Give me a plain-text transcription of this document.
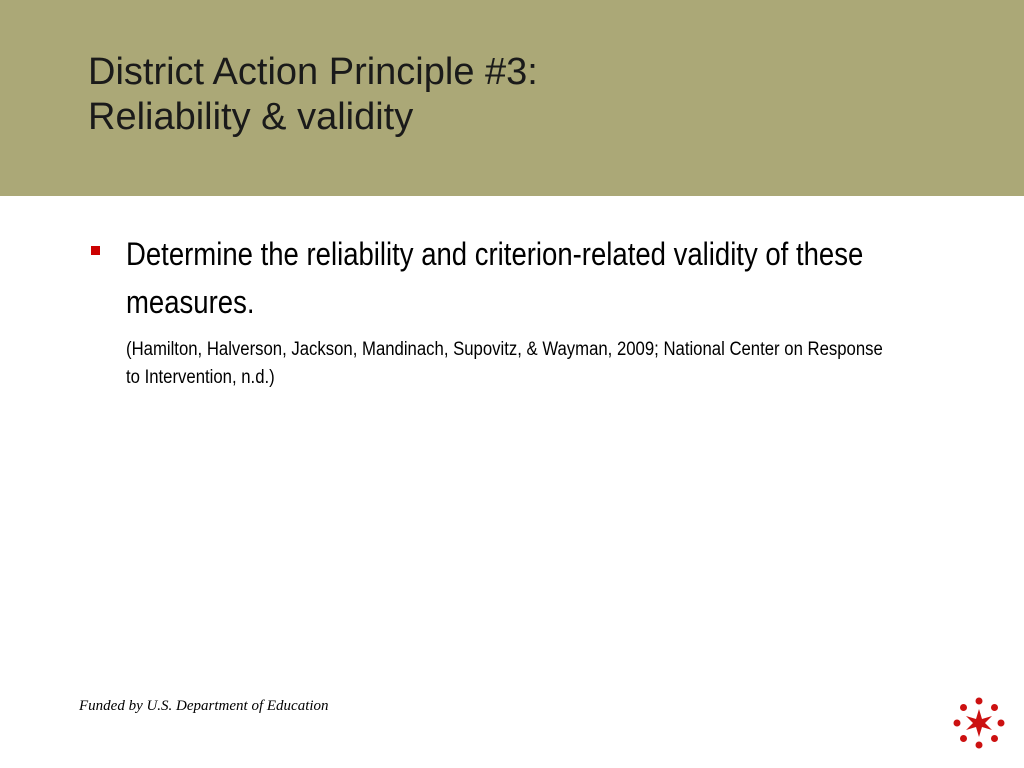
District Action Principle #3:
Reliability & validity
Determine the reliability and criterion-related validity of these measures.
(Hamilton, Halverson, Jackson, Mandinach, Supovitz, & Wayman, 2009; National Center on Response to Intervention, n.d.)
Funded by U.S. Department of Education
